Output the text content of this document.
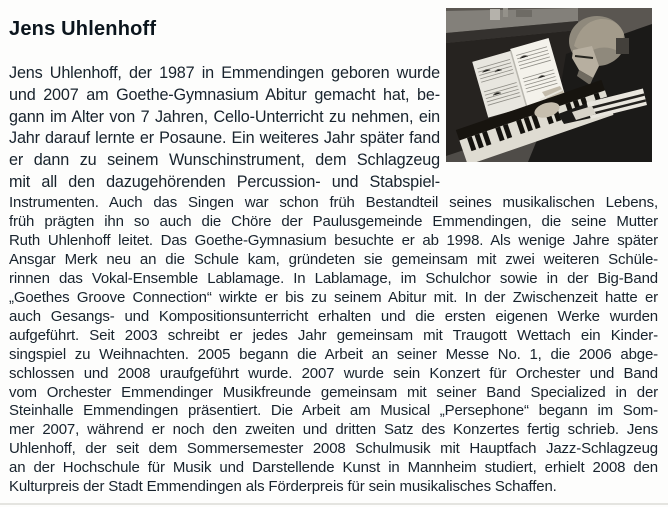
Jens Uhlenhoff
Jens Uhlenhoff, der 1987 in Emmendingen geboren wurde
und 2007 am Goethe-Gymnasium Abitur gemacht hat, be-
gann im Alter von 7 Jahren, Cello-Unterricht zu nehmen, ein
Jahr darauf lernte er Posaune. Ein weiteres Jahr später fand
er dann zu seinem Wunschinstrument, dem Schlagzeug
mit all den dazugehörenden Percussion- und Stabspiel-
Instrumenten. Auch das Singen war schon früh Bestandteil seines musikalischen Lebens,
früh prägten ihn so auch die Chöre der Paulusgemeinde Emmendingen, die seine Mutter
Ruth Uhlenhoff leitet. Das Goethe-Gymnasium besuchte er ab 1998. Als wenige Jahre später
Ansgar Merk neu an die Schule kam, gründeten sie gemeinsam mit zwei weiteren Schüle-
rinnen das Vokal-Ensemble Lablamage. In Lablamage, im Schulchor sowie in der Big-Band
„Goethes Groove Connection“ wirkte er bis zu seinem Abitur mit. In der Zwischenzeit hatte er
auch Gesangs- und Kompositionsunterricht erhalten und die ersten eigenen Werke wurden
aufgeführt. Seit 2003 schreibt er jedes Jahr gemeinsam mit Traugott Wettach ein Kinder-
singspiel zu Weihnachten. 2005 begann die Arbeit an seiner Messe No. 1, die 2006 abge-
schlossen und 2008 uraufgeführt wurde. 2007 wurde sein Konzert für Orchester und Band
vom Orchester Emmendinger Musikfreunde gemeinsam mit seiner Band Specialized in der
Steinhalle Emmendingen präsentiert. Die Arbeit am Musical „Persephone“ begann im Som-
mer 2007, während er noch den zweiten und dritten Satz des Konzertes fertig schrieb. Jens
Uhlenhoff, der seit dem Sommersemester 2008 Schulmusik mit Hauptfach Jazz-Schlagzeug
an der Hochschule für Musik und Darstellende Kunst in Mannheim studiert, erhielt 2008 den
Kulturpreis der Stadt Emmendingen als Förderpreis für sein musikalisches Schaffen.
